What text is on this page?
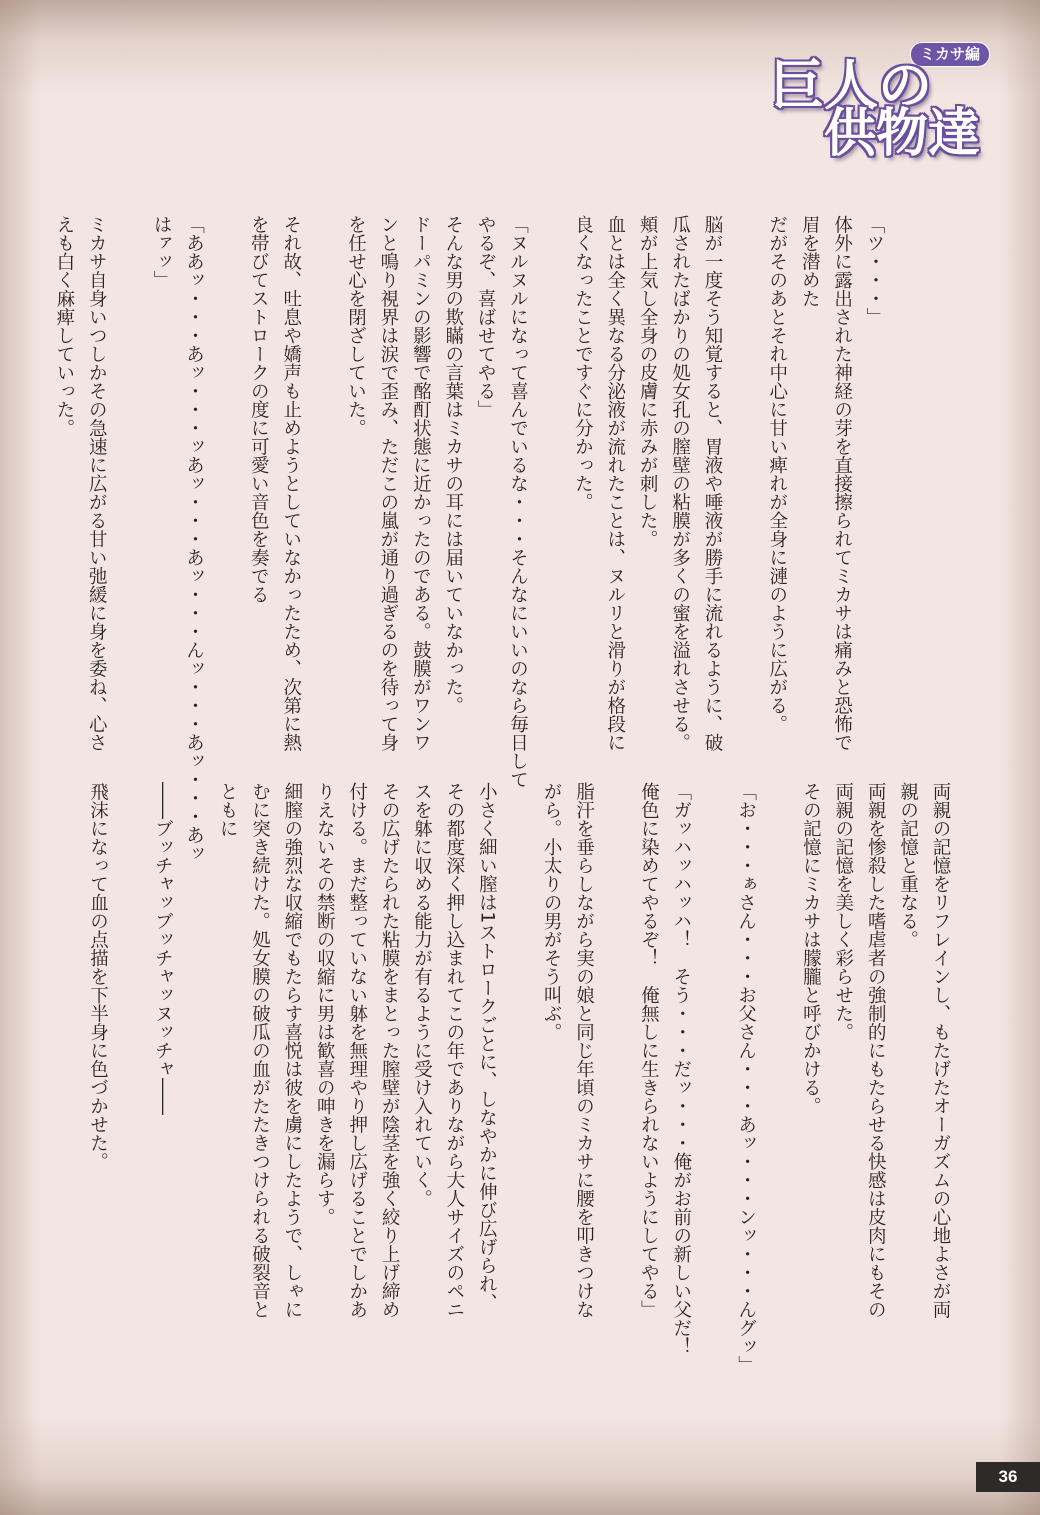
ミカサ編
巨人の
供物達

「ツ・・・」

体外に露出された神経の芽を直接擦られてミカサは痛みと恐怖で

眉を潜めた

だがそのあとそれ中心に甘い痺れが全身に漣のように広がる。

脳が一度そう知覚すると、胃液や唾液が勝手に流れるように、破

瓜されたばかりの処女孔の膣壁の粘膜が多くの蜜を溢れさせる。

頬が上気し全身の皮膚に赤みが刺した。

血とは全く異なる分泌液が流れたことは、ヌルリと滑りが格段に

良くなったことですぐに分かった。

「ヌルヌルになって喜んでいるな・・・そんなにいいのなら毎日して

やるぞ、喜ばせてやる」

そんな男の欺瞞の言葉はミカサの耳には届いていなかった。

ドーパミンの影響で酩酊状態に近かったのである。鼓膜がワンワ

ンと鳴り視界は涙で歪み、ただこの嵐が通り過ぎるのを待って身

を任せ心を閉ざしていた。

それ故、吐息や嬌声も止めようとしていなかったため、次第に熱

を帯びてストロークの度に可愛い音色を奏でる

「ああッ・・・あッ・・・ッあッ・・・あッ・・・んッ・・・あッ・・・あッ

はァッ」

ミカサ自身いつしかその急速に広がる甘い弛緩に身を委ね、心さ

えも白く麻痺していった。

両親の記憶をリフレインし、もたげたオーガズムの心地よさが両

親の記憶と重なる。

両親を惨殺した嗜虐者の強制的にもたらせる快感は皮肉にもその

両親の記憶を美しく彩らせた。

その記憶にミカサは朦朧と呼びかける。

「お・・・ぁさん・・・お父さん・・・あッ・・・ンッ・・・んグッ」

「ガッハッハッハ！　そう・・・だッ・・・俺がお前の新しい父だ！

俺色に染めてやるぞ！　俺無しに生きられないようにしてやる」

脂汗を垂らしながら実の娘と同じ年頃のミカサに腰を叩きつけな

がら。小太りの男がそう叫ぶ。

小さく細い膣は1ストロークごとに、しなやかに伸び広げられ、

その都度深く押し込まれてこの年でありながら大人サイズのペニ

スを躰に収める能力が有るように受け入れていく。

その広げたられた粘膜をまとった膣壁が陰茎を強く絞り上げ締め

付ける。まだ整っていない躰を無理やり押し広げることでしかあ

りえないその禁断の収縮に男は歓喜の呻きを漏らす。

細膣の強烈な収縮でもたらす喜悦は彼を虜にしたようで、しゃに

むに突き続けた。処女膜の破瓜の血がたたきつけられる破裂音と

ともに

――ブッチャッブッチャッヌッチャ――

飛沫になって血の点描を下半身に色づかせた。

36
